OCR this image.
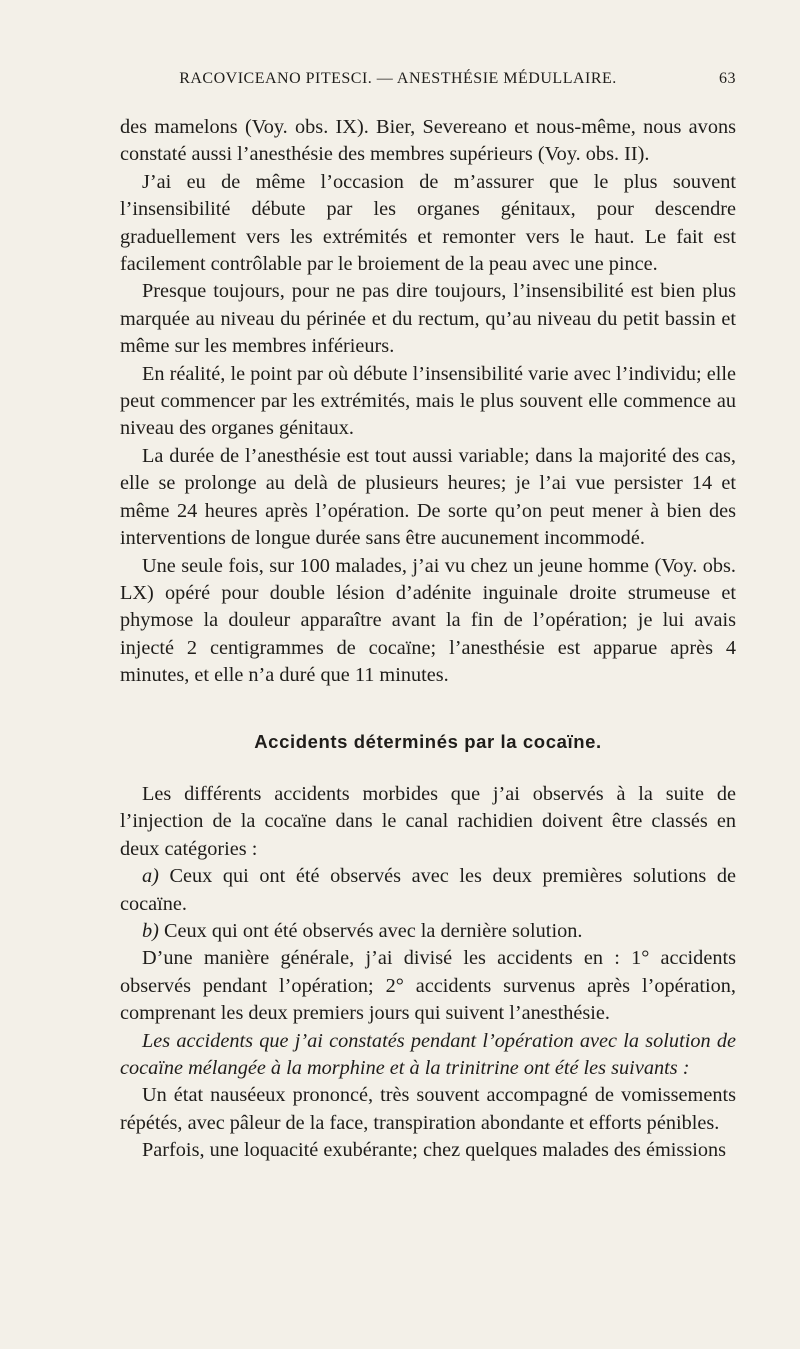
RACOVICEANO PITESCI. — ANESTHÉSIE MÉDULLAIRE.	63

des mamelons (Voy. obs. IX). Bier, Severeano et nous-même, nous avons constaté aussi l’anesthésie des membres supérieurs (Voy. obs. II).

J’ai eu de même l’occasion de m’assurer que le plus souvent l’insensibilité débute par les organes génitaux, pour descendre graduellement vers les extrémités et remonter vers le haut. Le fait est facilement contrôlable par le broiement de la peau avec une pince.

Presque toujours, pour ne pas dire toujours, l’insensibilité est bien plus marquée au niveau du périnée et du rectum, qu’au niveau du petit bassin et même sur les membres inférieurs.

En réalité, le point par où débute l’insensibilité varie avec l’individu; elle peut commencer par les extrémités, mais le plus souvent elle commence au niveau des organes génitaux.

La durée de l’anesthésie est tout aussi variable; dans la majorité des cas, elle se prolonge au delà de plusieurs heures; je l’ai vue persister 14 et même 24 heures après l’opération. De sorte qu’on peut mener à bien des interventions de longue durée sans être aucunement incommodé.

Une seule fois, sur 100 malades, j’ai vu chez un jeune homme (Voy. obs. LX) opéré pour double lésion d’adénite inguinale droite strumeuse et phymose la douleur apparaître avant la fin de l’opération; je lui avais injecté 2 centigrammes de cocaïne; l’anesthésie est apparue après 4 minutes, et elle n’a duré que 11 minutes.

Accidents déterminés par la cocaïne.

Les différents accidents morbides que j’ai observés à la suite de l’injection de la cocaïne dans le canal rachidien doivent être classés en deux catégories :

a) Ceux qui ont été observés avec les deux premières solutions de cocaïne.

b) Ceux qui ont été observés avec la dernière solution.

D’une manière générale, j’ai divisé les accidents en : 1° accidents observés pendant l’opération; 2° accidents survenus après l’opération, comprenant les deux premiers jours qui suivent l’anesthésie.

Les accidents que j’ai constatés pendant l’opération avec la solution de cocaïne mélangée à la morphine et à la trinitrine ont été les suivants :

Un état nauséeux prononcé, très souvent accompagné de vomissements répétés, avec pâleur de la face, transpiration abondante et efforts pénibles.

Parfois, une loquacité exubérante; chez quelques malades des émissions
